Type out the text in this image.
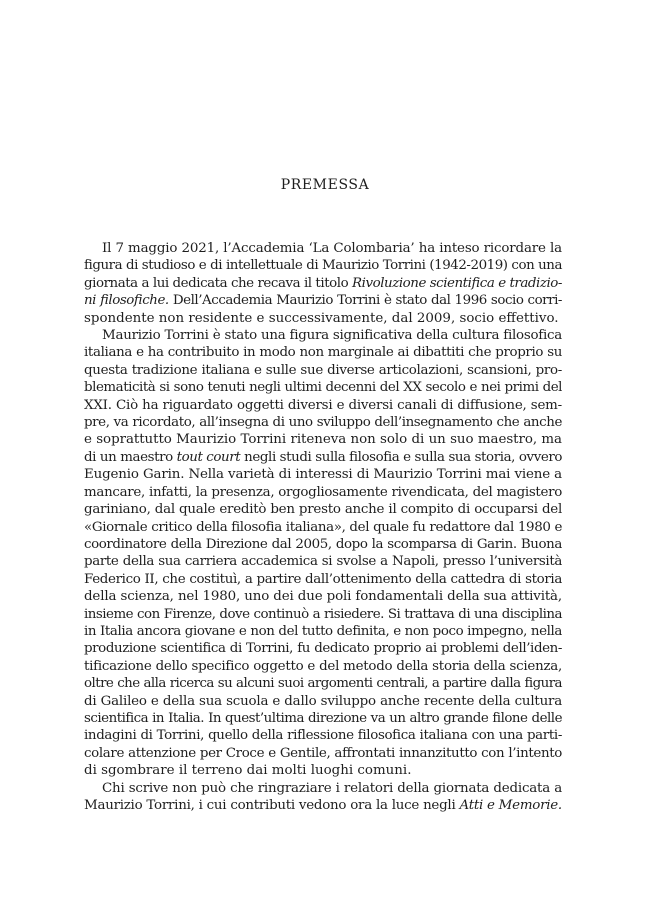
PREMESSA
Il 7 maggio 2021, l’Accademia ‘La Colombaria’ ha inteso ricordare la
figura di studioso e di intellettuale di Maurizio Torrini (1942-2019) con una
giornata a lui dedicata che recava il titolo Rivoluzione scientifica e tradizio-
ni filosofiche. Dell’Accademia Maurizio Torrini è stato dal 1996 socio corri-
spondente non residente e successivamente, dal 2009, socio effettivo.
Maurizio Torrini è stato una figura significativa della cultura filosofica
italiana e ha contribuito in modo non marginale ai dibattiti che proprio su
questa tradizione italiana e sulle sue diverse articolazioni, scansioni, pro-
blematicità si sono tenuti negli ultimi decenni del XX secolo e nei primi del
XXI. Ciò ha riguardato oggetti diversi e diversi canali di diffusione, sem-
pre, va ricordato, all’insegna di uno sviluppo dell’insegnamento che anche
e soprattutto Maurizio Torrini riteneva non solo di un suo maestro, ma
di un maestro tout court negli studi sulla filosofia e sulla sua storia, ovvero
Eugenio Garin. Nella varietà di interessi di Maurizio Torrini mai viene a
mancare, infatti, la presenza, orgogliosamente rivendicata, del magistero
gariniano, dal quale ereditò ben presto anche il compito di occuparsi del
«Giornale critico della filosofia italiana», del quale fu redattore dal 1980 e
coordinatore della Direzione dal 2005, dopo la scomparsa di Garin. Buona
parte della sua carriera accademica si svolse a Napoli, presso l’università
Federico II, che costituì, a partire dall’ottenimento della cattedra di storia
della scienza, nel 1980, uno dei due poli fondamentali della sua attività,
insieme con Firenze, dove continuò a risiedere. Si trattava di una disciplina
in Italia ancora giovane e non del tutto definita, e non poco impegno, nella
produzione scientifica di Torrini, fu dedicato proprio ai problemi dell’iden-
tificazione dello specifico oggetto e del metodo della storia della scienza,
oltre che alla ricerca su alcuni suoi argomenti centrali, a partire dalla figura
di Galileo e della sua scuola e dallo sviluppo anche recente della cultura
scientifica in Italia. In quest’ultima direzione va un altro grande filone delle
indagini di Torrini, quello della riflessione filosofica italiana con una parti-
colare attenzione per Croce e Gentile, affrontati innanzitutto con l’intento
di sgombrare il terreno dai molti luoghi comuni.
Chi scrive non può che ringraziare i relatori della giornata dedicata a
Maurizio Torrini, i cui contributi vedono ora la luce negli Atti e Memorie.
